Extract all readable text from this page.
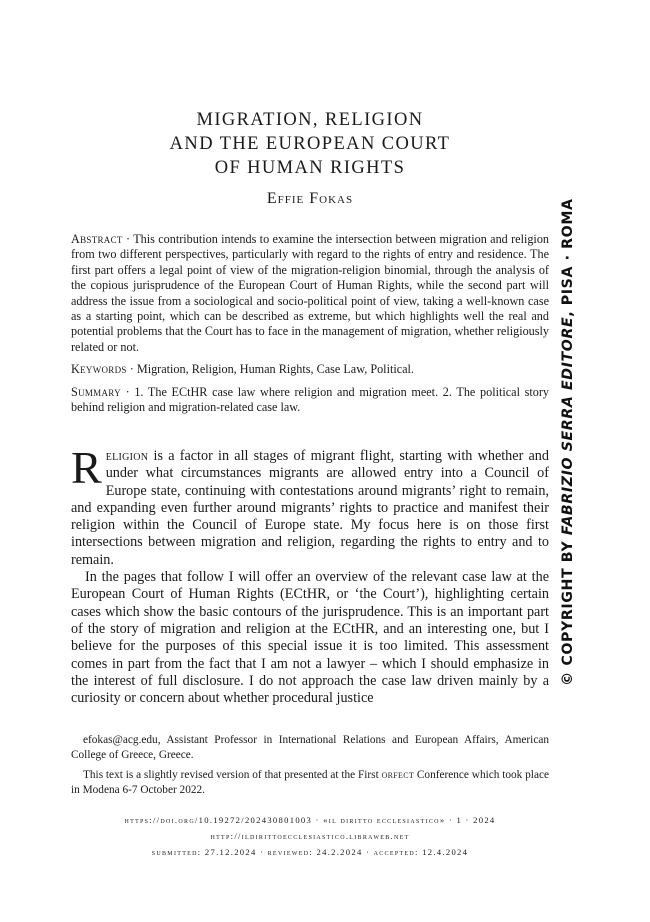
MIGRATION, RELIGION
AND THE EUROPEAN COURT
OF HUMAN RIGHTS
Effie Fokas

Abstract · This contribution intends to examine the intersection between migration and religion from two different perspectives, particularly with regard to the rights of entry and residence. The first part offers a legal point of view of the migration-religion binomial, through the analysis of the copious jurisprudence of the European Court of Human Rights, while the second part will address the issue from a sociological and socio-political point of view, taking a well-known case as a starting point, which can be described as extreme, but which highlights well the real and potential problems that the Court has to face in the management of migration, whether religiously related or not.

Keywords · Migration, Religion, Human Rights, Case Law, Political.

Summary · 1. The ECtHR case law where religion and migration meet. 2. The political story behind religion and migration-related case law.

Religion is a factor in all stages of migrant flight, starting with whether and under what circumstances migrants are allowed entry into a Council of Europe state, continuing with contestations around migrants’ right to remain, and expanding even further around migrants’ rights to practice and manifest their religion within the Council of Europe state. My focus here is on those first intersections between migration and religion, regarding the rights to entry and to remain.

In the pages that follow I will offer an overview of the relevant case law at the European Court of Human Rights (ECtHR, or ‘the Court’), highlighting certain cases which show the basic contours of the jurisprudence. This is an important part of the story of migration and religion at the ECtHR, and an interesting one, but I believe for the purposes of this special issue it is too limited. This assessment comes in part from the fact that I am not a lawyer – which I should emphasize in the interest of full disclosure. I do not approach the case law driven mainly by a curiosity or concern about whether procedural justice

efokas@acg.edu, Assistant Professor in International Relations and European Affairs, American College of Greece, Greece.

This text is a slightly revised version of that presented at the First orfect Conference which took place in Modena 6-7 October 2022.

https://doi.org/10.19272/202430801003 · «il diritto ecclesiastico» · 1 · 2024
http://ildirittoecclesiastico.libraweb.net
submitted: 27.12.2024 · reviewed: 24.2.2024 · accepted: 12.4.2024
© COPYRIGHT BY FABRIZIO SERRA EDITORE, PISA · ROMA
